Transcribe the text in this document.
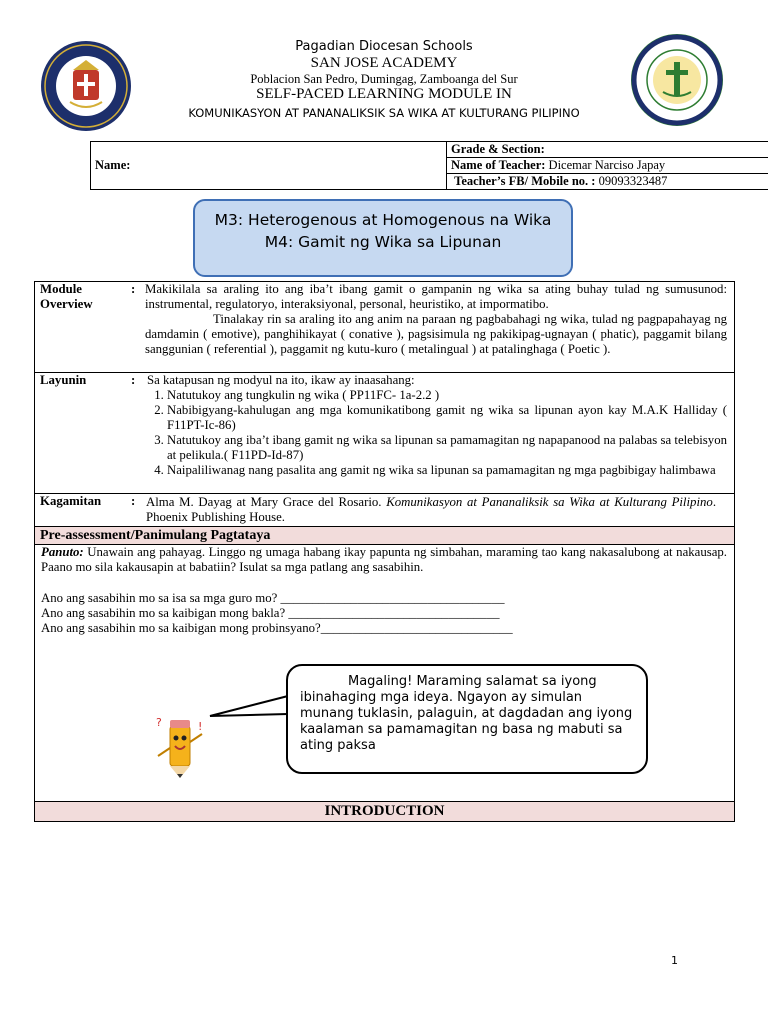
Pagadian Diocesan Schools
SAN JOSE ACADEMY
Poblacion San Pedro, Dumingag, Zamboanga del Sur
SELF-PACED LEARNING MODULE IN
KOMUNIKASYON AT PANANALIKSIK SA WIKA AT KULTURANG PILIPINO
Name:	Grade & Section:
Name of Teacher: Dicemar Narciso Japay
Teacher’s FB/ Mobile no. : 09093323487
M3: Heterogenous at Homogenous na Wika
M4: Gamit ng Wika sa Lipunan
Module
Overview
: Makikilala sa araling ito ang iba’t ibang gamit o gampanin ng wika sa ating buhay tulad ng sumusunod: instrumental, regulatoryo, interaksiyonal, personal, heuristiko, at impormatibo.
Tinalakay rin sa araling ito ang anim na paraan ng pagbabahagi ng wika, tulad ng pagpapahayag ng damdamin ( emotive), panghihikayat ( conative ), pagsisimula ng pakikipag-ugnayan ( phatic), paggamit bilang sanggunian ( referential ), paggamit ng kutu-kuro ( metalingual ) at patalinghaga ( Poetic ).
Layunin	: Sa katapusan ng modyul na ito, ikaw ay inaasahang:
1. Natutukoy ang tungkulin ng wika ( PP11FC- 1a-2.2 )
2. Nabibigyang-kahulugan ang mga komunikatibong gamit ng wika sa lipunan ayon kay M.A.K Halliday ( F11PT-Ic-86)
3. Natutukoy ang iba’t ibang gamit ng wika sa lipunan sa pamamagitan ng napapanood na palabas sa telebisyon at pelikula.( F11PD-Id-87)
4. Naipaliliwanag nang pasalita ang gamit ng wika sa lipunan sa pamamagitan ng mga pagbibigay halimbawa
Kagamitan : Alma M. Dayag at Mary Grace del Rosario. Komunikasyon at Pananaliksik sa Wika at Kulturang Pilipino. Phoenix Publishing House.
Pre-assessment/Panimulang Pagtataya
Panuto: Unawain ang pahayag. Linggo ng umaga habang ikay papunta ng simbahan, maraming tao kang nakasalubong at nakausap. Paano mo sila kakausapin at babatiin? Isulat sa mga patlang ang sasabihin.
Ano ang sasabihin mo sa isa sa mga guro mo? ___________________________________
Ano ang sasabihin mo sa kaibigan mong bakla? _________________________________
Ano ang sasabihin mo sa kaibigan mong probinsyano?______________________________
!
?
Magaling! Maraming salamat sa iyong ibinahaging mga ideya. Ngayon ay simulan munang tuklasin, palaguin, at dagdadan ang iyong kaalaman sa pamamagitan ng basa ng mabuti sa ating paksa
INTRODUCTION
1
